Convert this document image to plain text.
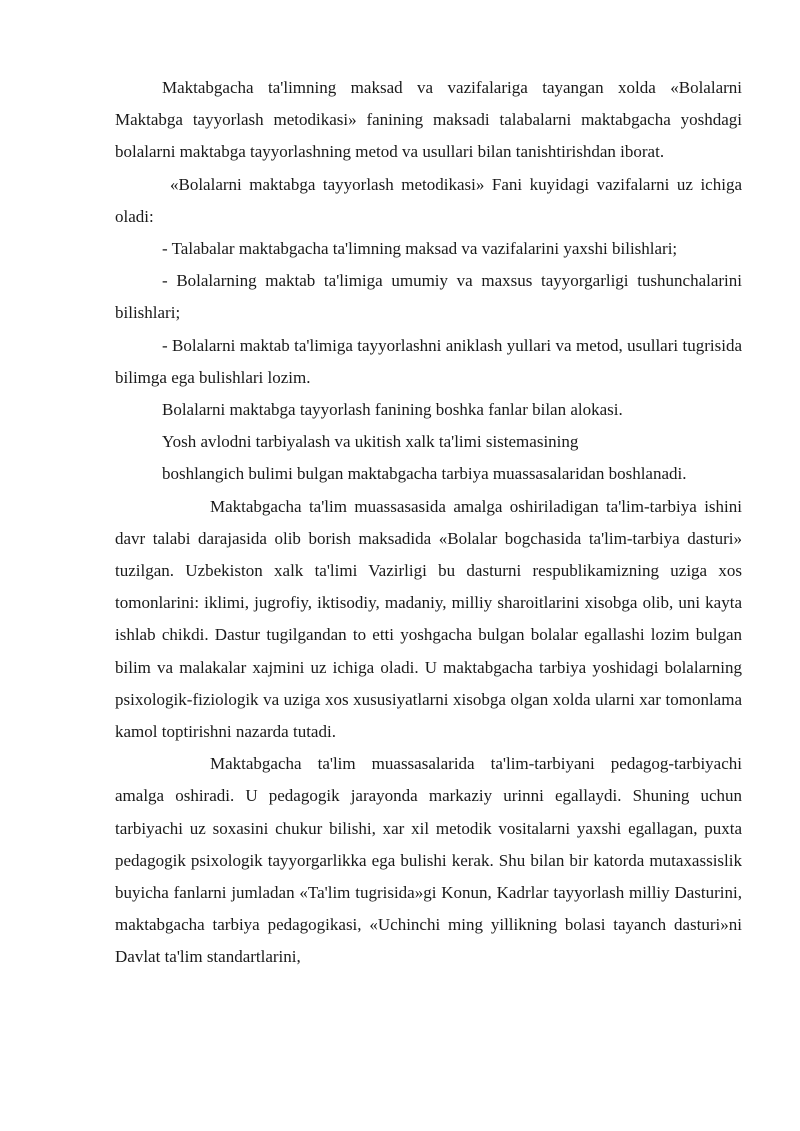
Maktabgacha ta'limning maksad va vazifalariga tayangan xolda «Bolalarni Maktabga tayyorlash metodikasi» fanining maksadi talabalarni maktabgacha yoshdagi bolalarni maktabga tayyorlashning metod va usullari bilan tanishtirishdan iborat.

«Bolalarni maktabga tayyorlash metodikasi» Fani kuyidagi vazifalarni uz ichiga oladi:

- Talabalar maktabgacha ta'limning maksad va vazifalarini yaxshi bilishlari;

- Bolalarning maktab ta'limiga umumiy va maxsus tayyorgarligi tushunchalarini bilishlari;

- Bolalarni maktab ta'limiga tayyorlashni aniklash yullari va metod, usullari tugrisida bilimga ega bulishlari lozim.

Bolalarni maktabga tayyorlash fanining boshka fanlar bilan alokasi.

Yosh avlodni tarbiyalash va ukitish xalk ta'limi sistemasining

boshlangich bulimi bulgan maktabgacha tarbiya muassasalaridan boshlanadi.

Maktabgacha ta'lim muassasasida amalga oshiriladigan ta'lim-tarbiya ishini davr talabi darajasida olib borish maksadida «Bolalar bogchasida ta'lim-tarbiya dasturi» tuzilgan. Uzbekiston xalk ta'limi Vazirligi bu dasturni respublikamizning uziga xos tomonlarini: iklimi, jugrofiy, iktisodiy, madaniy, milliy sharoitlarini xisobga olib, uni kayta ishlab chikdi. Dastur tugilgandan to etti yoshgacha bulgan bolalar egallashi lozim bulgan bilim va malakalar xajmini uz ichiga oladi. U maktabgacha tarbiya yoshidagi bolalarning psixologik-fiziologik va uziga xos xususiyatlarni xisobga olgan xolda ularni xar tomonlama kamol toptirishni nazarda tutadi.

Maktabgacha ta'lim muassasalarida ta'lim-tarbiyani pedagog-tarbiyachi amalga oshiradi. U pedagogik jarayonda markaziy urinni egallaydi. Shuning uchun tarbiyachi uz soxasini chukur bilishi, xar xil metodik vositalarni yaxshi egallagan, puxta pedagogik psixologik tayyorgarlikka ega bulishi kerak. Shu bilan bir katorda mutaxassislik buyicha fanlarni jumladan «Ta'lim tugrisida»gi Konun, Kadrlar tayyorlash milliy Dasturini, maktabgacha tarbiya pedagogikasi, «Uchinchi ming yillikning bolasi tayanch dasturi»ni Davlat ta'lim standartlarini,
